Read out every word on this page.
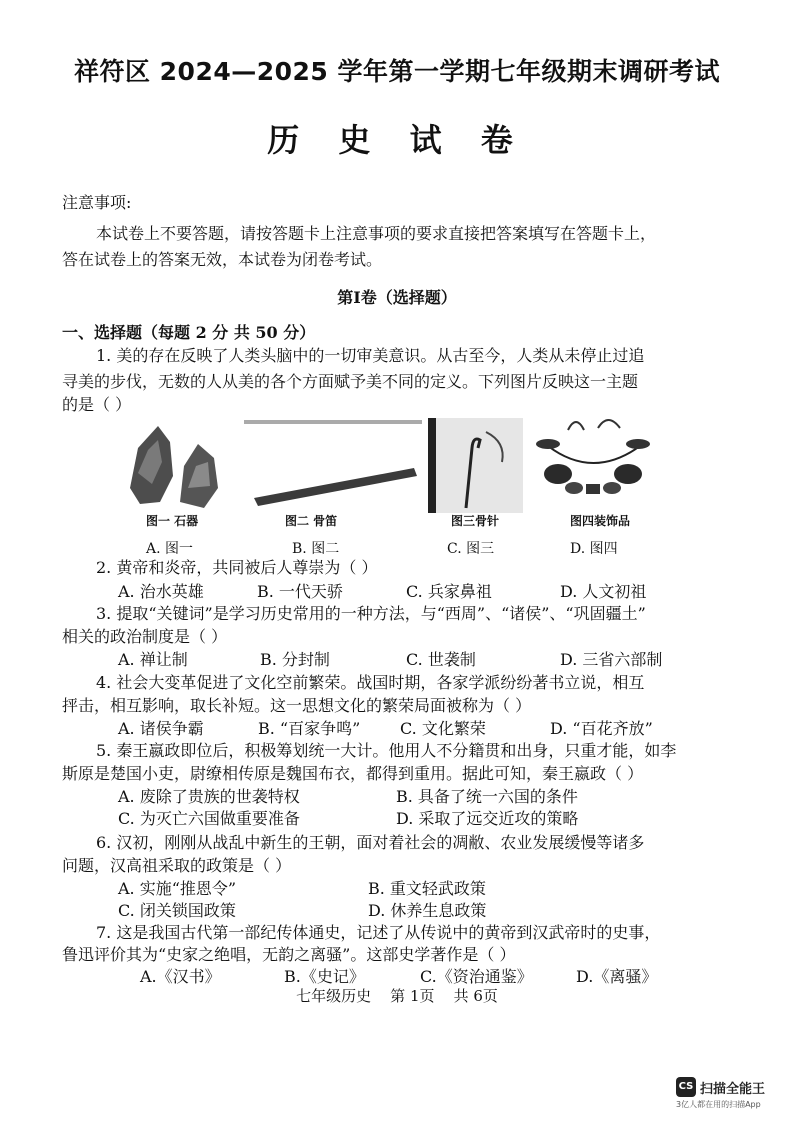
祥符区 2024—2025 学年第一学期七年级期末调研考试
历 史 试 卷
注意事项:
本试卷上不要答题，请按答题卡上注意事项的要求直接把答案填写在答题卡上，
答在试卷上的答案无效，本试卷为闭卷考试。
第Ⅰ卷（选择题）
一、选择题（每题 2 分 共 50 分）
1. 美的存在反映了人类头脑中的一切审美意识。从古至今，人类从未停止过追
寻美的步伐，无数的人从美的各个方面赋予美不同的定义。下列图片反映这一主题
的是（ ）
图一 石器	图二 骨笛	图三骨针	图四装饰品
A. 图一	B. 图二	C. 图三	D. 图四
2. 黄帝和炎帝，共同被后人尊崇为（ ）
A. 治水英雄	B. 一代天骄	C. 兵家鼻祖	D. 人文初祖
3. 提取“关键词”是学习历史常用的一种方法，与“西周”、“诸侯”、“巩固疆土”
相关的政治制度是（ ）
A. 禅让制	B. 分封制	C. 世袭制	D. 三省六部制
4. 社会大变革促进了文化空前繁荣。战国时期，各家学派纷纷著书立说，相互
抨击，相互影响，取长补短。这一思想文化的繁荣局面被称为（ ）
A. 诸侯争霸	B. “百家争鸣” C. 文化繁荣	D. “百花齐放”
5. 秦王嬴政即位后，积极筹划统一大计。他用人不分籍贯和出身，只重才能，如李
斯原是楚国小吏，尉缭相传原是魏国布衣，都得到重用。据此可知，秦王嬴政（ ）
A. 废除了贵族的世袭特权	B. 具备了统一六国的条件
C. 为灭亡六国做重要准备	D. 采取了远交近攻的策略
6. 汉初，刚刚从战乱中新生的王朝，面对着社会的凋敝、农业发展缓慢等诸多
问题，汉高祖采取的政策是（ ）
A. 实施“推恩令”	B. 重文轻武政策
C. 闭关锁国政策	D. 休养生息政策
7. 这是我国古代第一部纪传体通史，记述了从传说中的黄帝到汉武帝时的史事，
鲁迅评价其为“史家之绝唱，无韵之离骚”。这部史学著作是（ ）
A.《汉书》	B.《史记》	C.《资治通鉴》	D.《离骚》
七年级历史    第 1页    共 6页
CS 扫描全能王
3亿人都在用的扫描App
